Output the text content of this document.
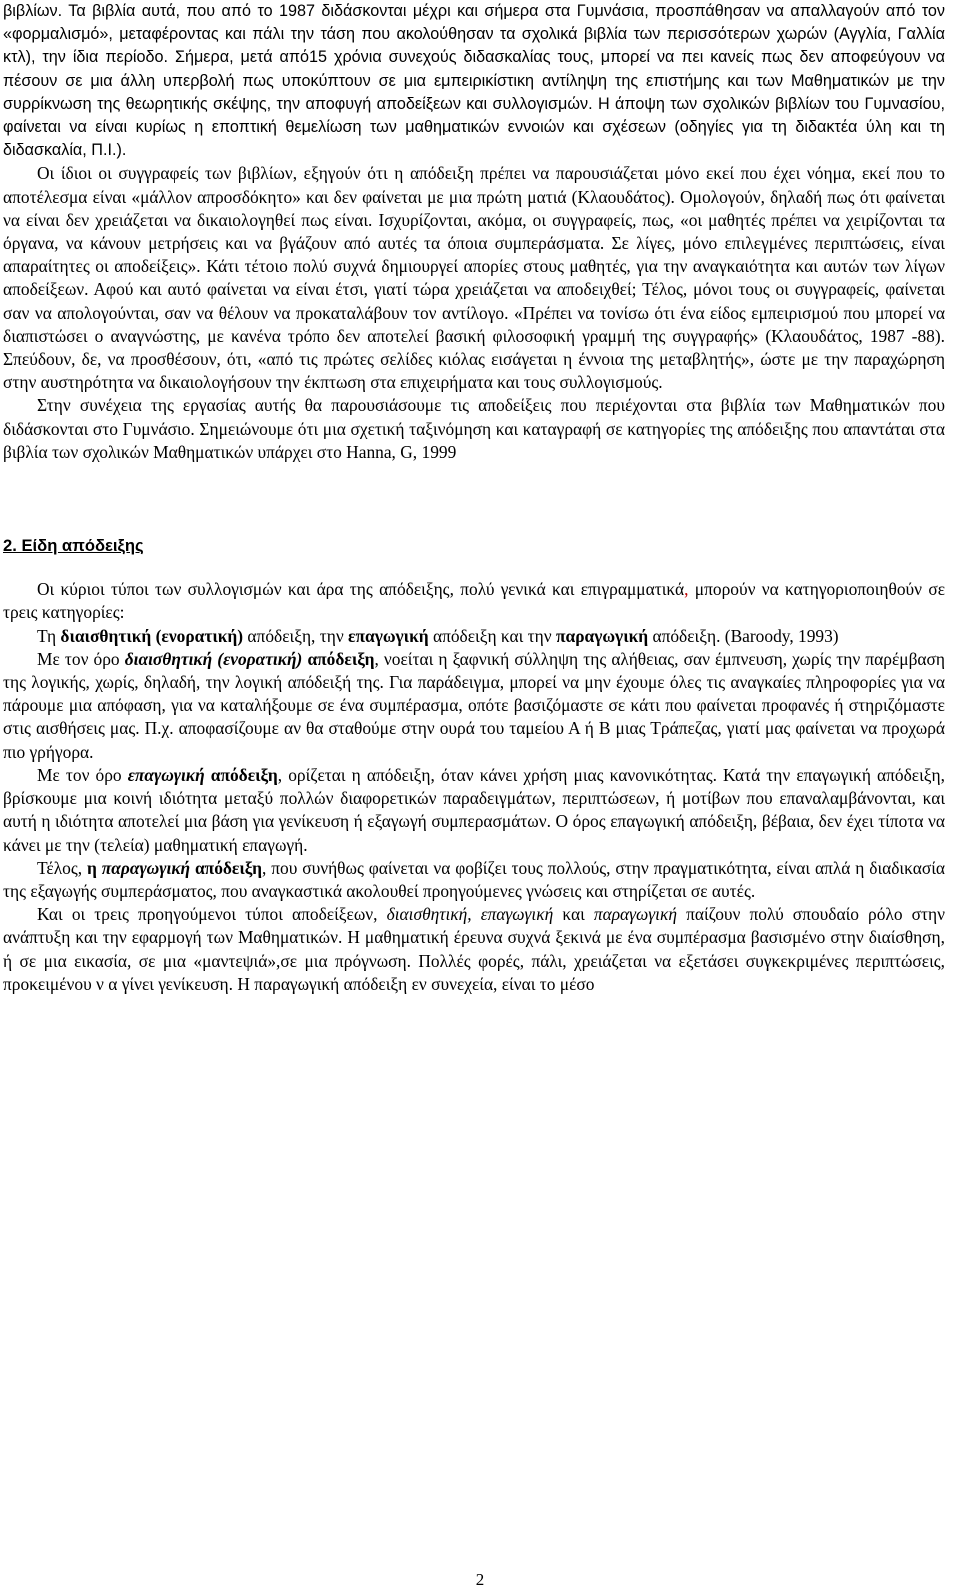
βιβλίων. Τα βιβλία αυτά, που από το 1987 διδάσκονται μέχρι και σήμερα στα Γυμνάσια, προσπάθησαν να απαλλαγούν από τον «φορμαλισμό», μεταφέροντας και πάλι την τάση που ακολούθησαν τα σχολικά βιβλία των περισσότερων χωρών (Αγγλία, Γαλλία κτλ), την ίδια περίοδο. Σήμερα, μετά από15 χρόνια συνεχούς διδασκαλίας τους, μπορεί να πει κανείς πως δεν αποφεύγουν να πέσουν σε μια άλλη υπερβολή πως υποκύπτουν σε μια εμπειρικίστικη αντίληψη της επιστήμης και των Μαθηματικών με την συρρίκνωση της θεωρητικής σκέψης, την αποφυγή αποδείξεων και συλλογισμών. Η άποψη των σχολικών βιβλίων του Γυμνασίου, φαίνεται να είναι κυρίως η εποπτική θεμελίωση των μαθηματικών εννοιών και σχέσεων (οδηγίες για τη διδακτέα ύλη και τη διδασκαλία, Π.Ι.).

Οι ίδιοι οι συγγραφείς των βιβλίων, εξηγούν ότι η απόδειξη πρέπει να παρουσιάζεται μόνο εκεί που έχει νόημα, εκεί που το αποτέλεσμα είναι «μάλλον απροσδόκητο» και δεν φαίνεται με μια πρώτη ματιά (Κλαουδάτος). Ομολογούν, δηλαδή πως ότι φαίνεται να είναι δεν χρειάζεται να δικαιολογηθεί πως είναι. Ισχυρίζονται, ακόμα, οι συγγραφείς, πως, «οι μαθητές πρέπει να χειρίζονται τα όργανα, να κάνουν μετρήσεις και να βγάζουν από αυτές τα όποια συμπεράσματα. Σε λίγες, μόνο επιλεγμένες περιπτώσεις, είναι απαραίτητες οι αποδείξεις». Κάτι τέτοιο πολύ συχνά δημιουργεί απορίες στους μαθητές, για την αναγκαιότητα και αυτών των λίγων αποδείξεων. Αφού και αυτό φαίνεται να είναι έτσι, γιατί τώρα χρειάζεται να αποδειχθεί; Τέλος, μόνοι τους οι συγγραφείς, φαίνεται σαν να απολογούνται, σαν να θέλουν να προκαταλάβουν τον αντίλογο. «Πρέπει να τονίσω ότι ένα είδος εμπειρισμού που μπορεί να διαπιστώσει ο αναγνώστης, με κανένα τρόπο δεν αποτελεί βασική φιλοσοφική γραμμή της συγγραφής» (Κλαουδάτος, 1987 -88). Σπεύδουν, δε, να προσθέσουν, ότι, «από τις πρώτες σελίδες κιόλας εισάγεται η έννοια της μεταβλητής», ώστε με την παραχώρηση στην αυστηρότητα να δικαιολογήσουν την έκπτωση στα επιχειρήματα και τους συλλογισμούς.

Στην συνέχεια της εργασίας αυτής θα παρουσιάσουμε τις αποδείξεις που περιέχονται στα βιβλία των Μαθηματικών που διδάσκονται στο Γυμνάσιο. Σημειώνουμε ότι μια σχετική ταξινόμηση και καταγραφή σε κατηγορίες της απόδειξης που απαντάται στα βιβλία των σχολικών Μαθηματικών υπάρχει στο Hanna, G, 1999

2. Είδη απόδειξης

Οι κύριοι τύποι των συλλογισμών και άρα της απόδειξης, πολύ γενικά και επιγραμματικά, μπορούν να κατηγοριοποιηθούν σε τρεις κατηγορίες:

Τη διαισθητική (ενορατική) απόδειξη, την επαγωγική απόδειξη και την παραγωγική απόδειξη. (Baroody, 1993)

Με τον όρο διαισθητική (ενορατική) απόδειξη, νοείται η ξαφνική σύλληψη της αλήθειας, σαν έμπνευση, χωρίς την παρέμβαση της λογικής, χωρίς, δηλαδή, την λογική απόδειξή της. Για παράδειγμα, μπορεί να μην έχουμε όλες τις αναγκαίες πληροφορίες για να πάρουμε μια απόφαση, για να καταλήξουμε σε ένα συμπέρασμα, οπότε βασιζόμαστε σε κάτι που φαίνεται προφανές ή στηριζόμαστε στις αισθήσεις μας. Π.χ. αποφασίζουμε αν θα σταθούμε στην ουρά του ταμείου Α ή Β μιας Τράπεζας, γιατί μας φαίνεται να προχωρά πιο γρήγορα.

Με τον όρο επαγωγική απόδειξη, ορίζεται η απόδειξη, όταν κάνει χρήση μιας κανονικότητας. Κατά την επαγωγική απόδειξη, βρίσκουμε μια κοινή ιδιότητα μεταξύ πολλών διαφορετικών παραδειγμάτων, περιπτώσεων, ή μοτίβων που επαναλαμβάνονται, και αυτή η ιδιότητα αποτελεί μια βάση για γενίκευση ή εξαγωγή συμπερασμάτων. Ο όρος επαγωγική απόδειξη, βέβαια, δεν έχει τίποτα να κάνει με την (τελεία) μαθηματική επαγωγή.

Τέλος, η παραγωγική απόδειξη, που συνήθως φαίνεται να φοβίζει τους πολλούς, στην πραγματικότητα, είναι απλά η διαδικασία της εξαγωγής συμπεράσματος, που αναγκαστικά ακολουθεί προηγούμενες γνώσεις και στηρίζεται σε αυτές.

Και οι τρεις προηγούμενοι τύποι αποδείξεων, διαισθητική, επαγωγική και παραγωγική παίζουν πολύ σπουδαίο ρόλο στην ανάπτυξη και την εφαρμογή των Μαθηματικών. Η μαθηματική έρευνα συχνά ξεκινά με ένα συμπέρασμα βασισμένο στην διαίσθηση, ή σε μια εικασία, σε μια «μαντεψιά»,σε μια πρόγνωση. Πολλές φορές, πάλι, χρειάζεται να εξετάσει συγκεκριμένες περιπτώσεις, προκειμένου ν α γίνει γενίκευση. Η παραγωγική απόδειξη εν συνεχεία, είναι το μέσο

2
